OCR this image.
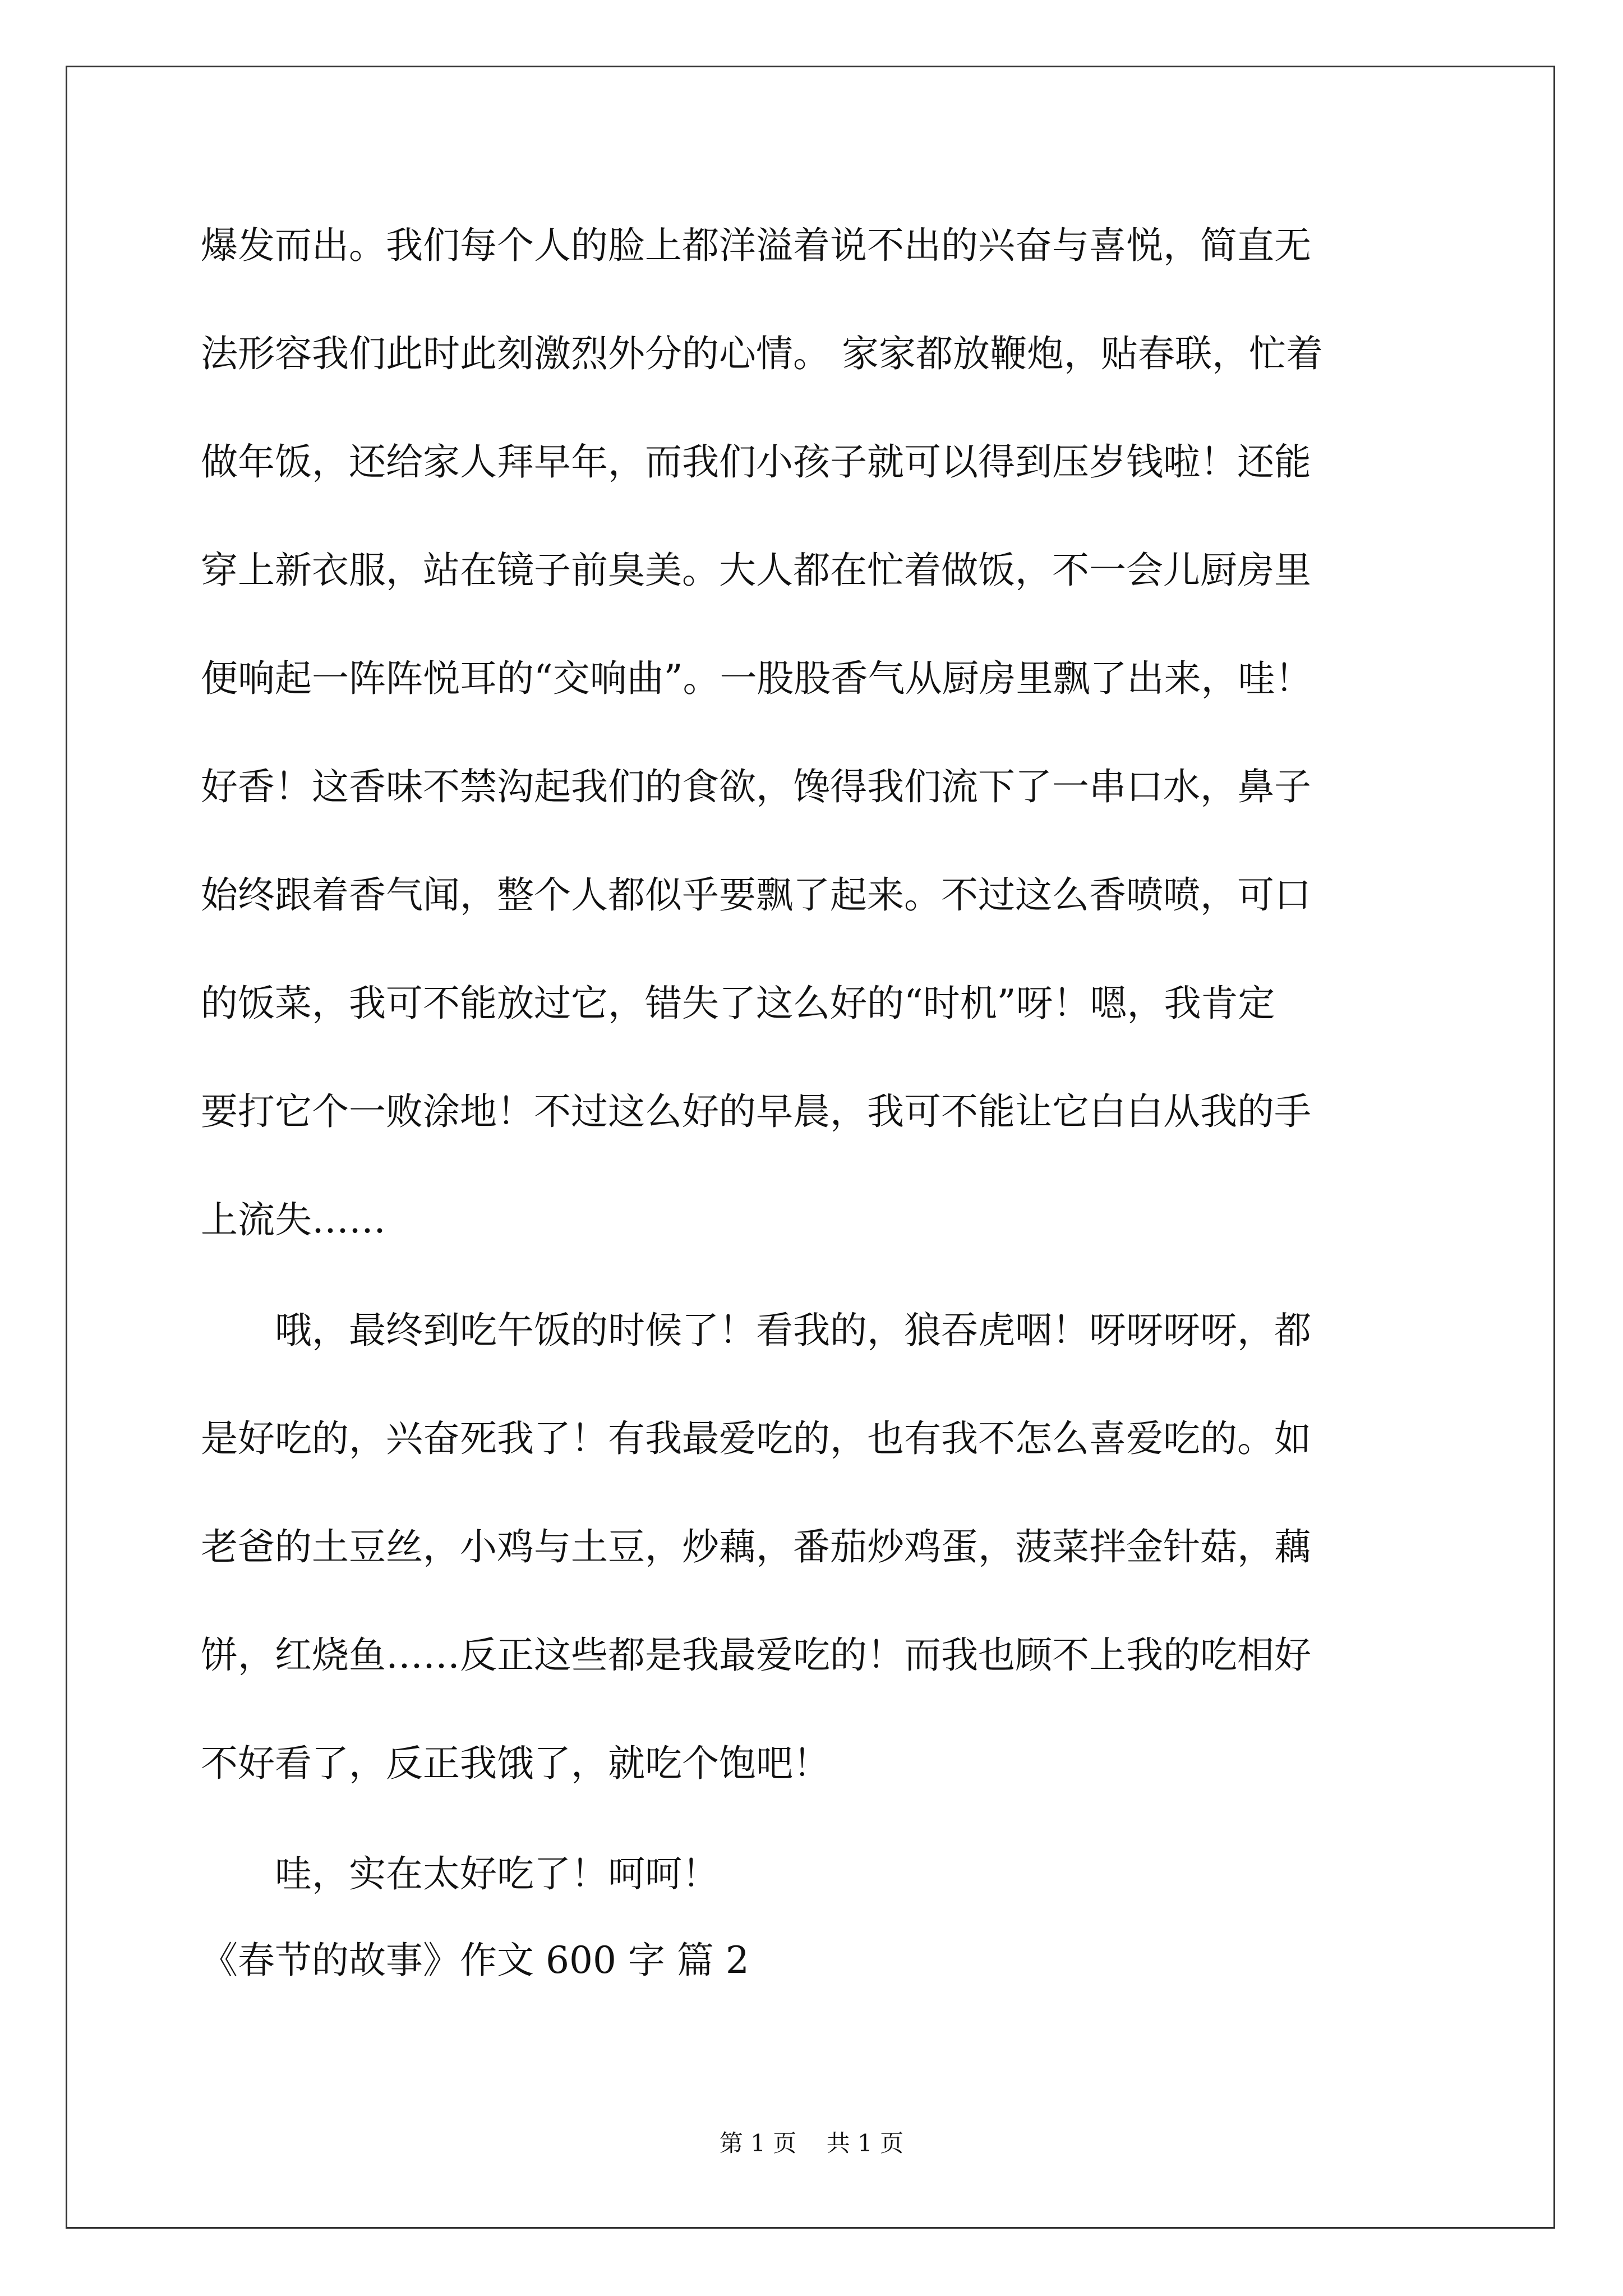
爆发而出。我们每个人的脸上都洋溢着说不出的兴奋与喜悦，简直无
法形容我们此时此刻激烈外分的心情。 家家都放鞭炮，贴春联，忙着
做年饭，还给家人拜早年，而我们小孩子就可以得到压岁钱啦！还能
穿上新衣服，站在镜子前臭美。大人都在忙着做饭，不一会儿厨房里
便响起一阵阵悦耳的“交响曲”。一股股香气从厨房里飘了出来，哇！
好香！这香味不禁沟起我们的食欲，馋得我们流下了一串口水，鼻子
始终跟着香气闻，整个人都似乎要飘了起来。不过这么香喷喷，可口
的饭菜，我可不能放过它，错失了这么好的“时机”呀！嗯，我肯定
要打它个一败涂地！不过这么好的早晨，我可不能让它白白从我的手
上流失……
　　哦，最终到吃午饭的时候了！看我的，狼吞虎咽！呀呀呀呀，都
是好吃的，兴奋死我了！有我最爱吃的，也有我不怎么喜爱吃的。如
老爸的土豆丝，小鸡与土豆，炒藕，番茄炒鸡蛋，菠菜拌金针菇，藕
饼，红烧鱼……反正这些都是我最爱吃的！而我也顾不上我的吃相好
不好看了，反正我饿了，就吃个饱吧！
　　哇，实在太好吃了！呵呵！
《春节的故事》作文 600 字 篇 2
第 1 页    共 1 页
